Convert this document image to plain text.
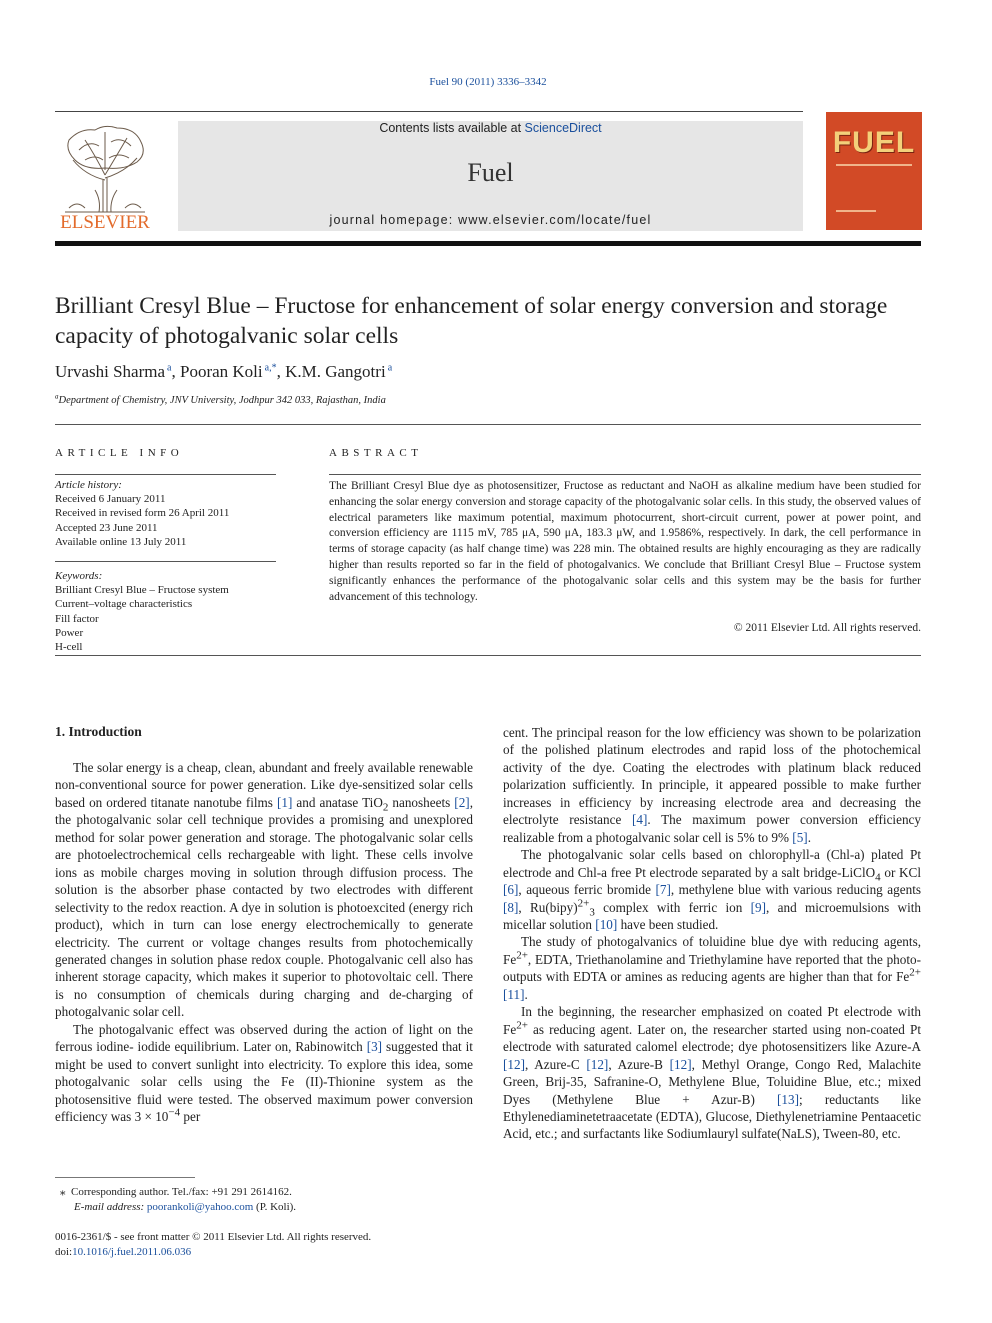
Fuel 90 (2011) 3336–3342
ELSEVIER
Contents lists available at ScienceDirect
Fuel
journal homepage: www.elsevier.com/locate/fuel
FUEL
Brilliant Cresyl Blue – Fructose for enhancement of solar energy conversion and storage capacity of photogalvanic solar cells
Urvashi Sharma  $^a$, Pooran Koli  $^{a,*}$, K.M. Gangotri  $^a$
$^a$Department of Chemistry, JNV University, Jodhpur 342 033, Rajasthan, India
ARTICLE INFO
Article history:
Received 6 January 2011
Received in revised form 26 April 2011
Accepted 23 June 2011
Available online 13 July 2011
Keywords:
Brilliant Cresyl Blue – Fructose system
Current–voltage characteristics
Fill factor
Power
H-cell
ABSTRACT
The Brilliant Cresyl Blue dye as photosensitizer, Fructose as reductant and NaOH as alkaline medium have been studied for enhancing the solar energy conversion and storage capacity of the photogalvanic solar cells. In this study, the observed values of electrical parameters like maximum potential, maximum photocurrent, short-circuit current, power at power point, and conversion efficiency are 1115 mV, 785 μA, 590 μA, 183.3 μW, and 1.9586%, respectively. In dark, the cell performance in terms of storage capacity (as half change time) was 228 min. The obtained results are highly encouraging as they are radically higher than results reported so far in the field of photogalvanics. We conclude that Brilliant Cresyl Blue – Fructose system significantly enhances the performance of the photogalvanic solar cells and this system may be the basis for further advancement of this technology.
© 2011 Elsevier Ltd. All rights reserved.
1. Introduction

The solar energy is a cheap, clean, abundant and freely available renewable non-conventional source for power generation. Like dye-sensitized solar cells based on ordered titanate nanotube films [1] and anatase TiO$_2$ nanosheets [2], the photogalvanic solar cell technique provides a promising and unexplored method for solar power generation and storage. The photogalvanic solar cells are photoelectrochemical cells rechargeable with light. These cells involve ions as mobile charges moving in solution through diffusion process. The solution is the absorber phase contacted by two electrodes with different selectivity to the redox reaction. A dye in solution is photoexcited (energy rich product), which in turn can lose energy electrochemically to generate electricity. The current or voltage changes results from photochemically generated changes in solution phase redox couple. Photogalvanic cell also has inherent storage capacity, which makes it superior to photovoltaic cell. There is no consumption of chemicals during charging and de-charging of photogalvanic solar cell.

The photogalvanic effect was observed during the action of light on the ferrous iodine- iodide equilibrium. Later on, Rabinowitch [3] suggested that it might be used to convert sunlight into electricity. To explore this idea, some photogalvanic solar cells using the Fe (II)-Thionine system as the photosensitive fluid were tested. The observed maximum power conversion efficiency was $3 \times 10^{-4}$ per

cent. The principal reason for the low efficiency was shown to be polarization of the polished platinum electrodes and rapid loss of the photochemical activity of the dye. Coating the electrodes with platinum black reduced polarization sufficiently. In principle, it appeared possible to make further increases in efficiency by increasing electrode area and decreasing the electrolyte resistance [4]. The maximum power conversion efficiency realizable from a photogalvanic solar cell is 5% to 9% [5].

The photogalvanic solar cells based on chlorophyll-a (Chl-a) plated Pt electrode and Chl-a free Pt electrode separated by a salt bridge-LiClO$_4$ or KCl [6], aqueous ferric bromide [7], methylene blue with various reducing agents [8], Ru(bipy)$^{2+}_3$ complex with ferric ion [9], and microemulsions with micellar solution [10] have been studied.

The study of photogalvanics of toluidine blue dye with reducing agents, $Fe^{2+}$, EDTA, Triethanolamine and Triethylamine have reported that the photo-outputs with EDTA or amines as reducing agents are higher than that for $Fe^{2+}$ [11].

In the beginning, the researcher emphasized on coated Pt electrode with $Fe^{2+}$ as reducing agent. Later on, the researcher started using non-coated Pt electrode with saturated calomel electrode; dye photosensitizers like Azure-A [12], Azure-C [12], Azure-B [12], Methyl Orange, Congo Red, Malachite Green, Brij-35, Safranine-O, Methylene Blue, Toluidine Blue, etc.; mixed Dyes (Methylene Blue + Azur-B) [13]; reductants like Ethylenediaminetetraacetate (EDTA), Glucose, Diethylenetriamine Pentaacetic Acid, etc.; and surfactants like Sodiumlauryl sulfate(NaLS), Tween-80, etc.

⁎ Corresponding author. Tel./fax: +91 291 2614162.
E-mail address: poorankoli@yahoo.com (P. Koli).
0016-2361/$ - see front matter © 2011 Elsevier Ltd. All rights reserved.
doi:10.1016/j.fuel.2011.06.036
